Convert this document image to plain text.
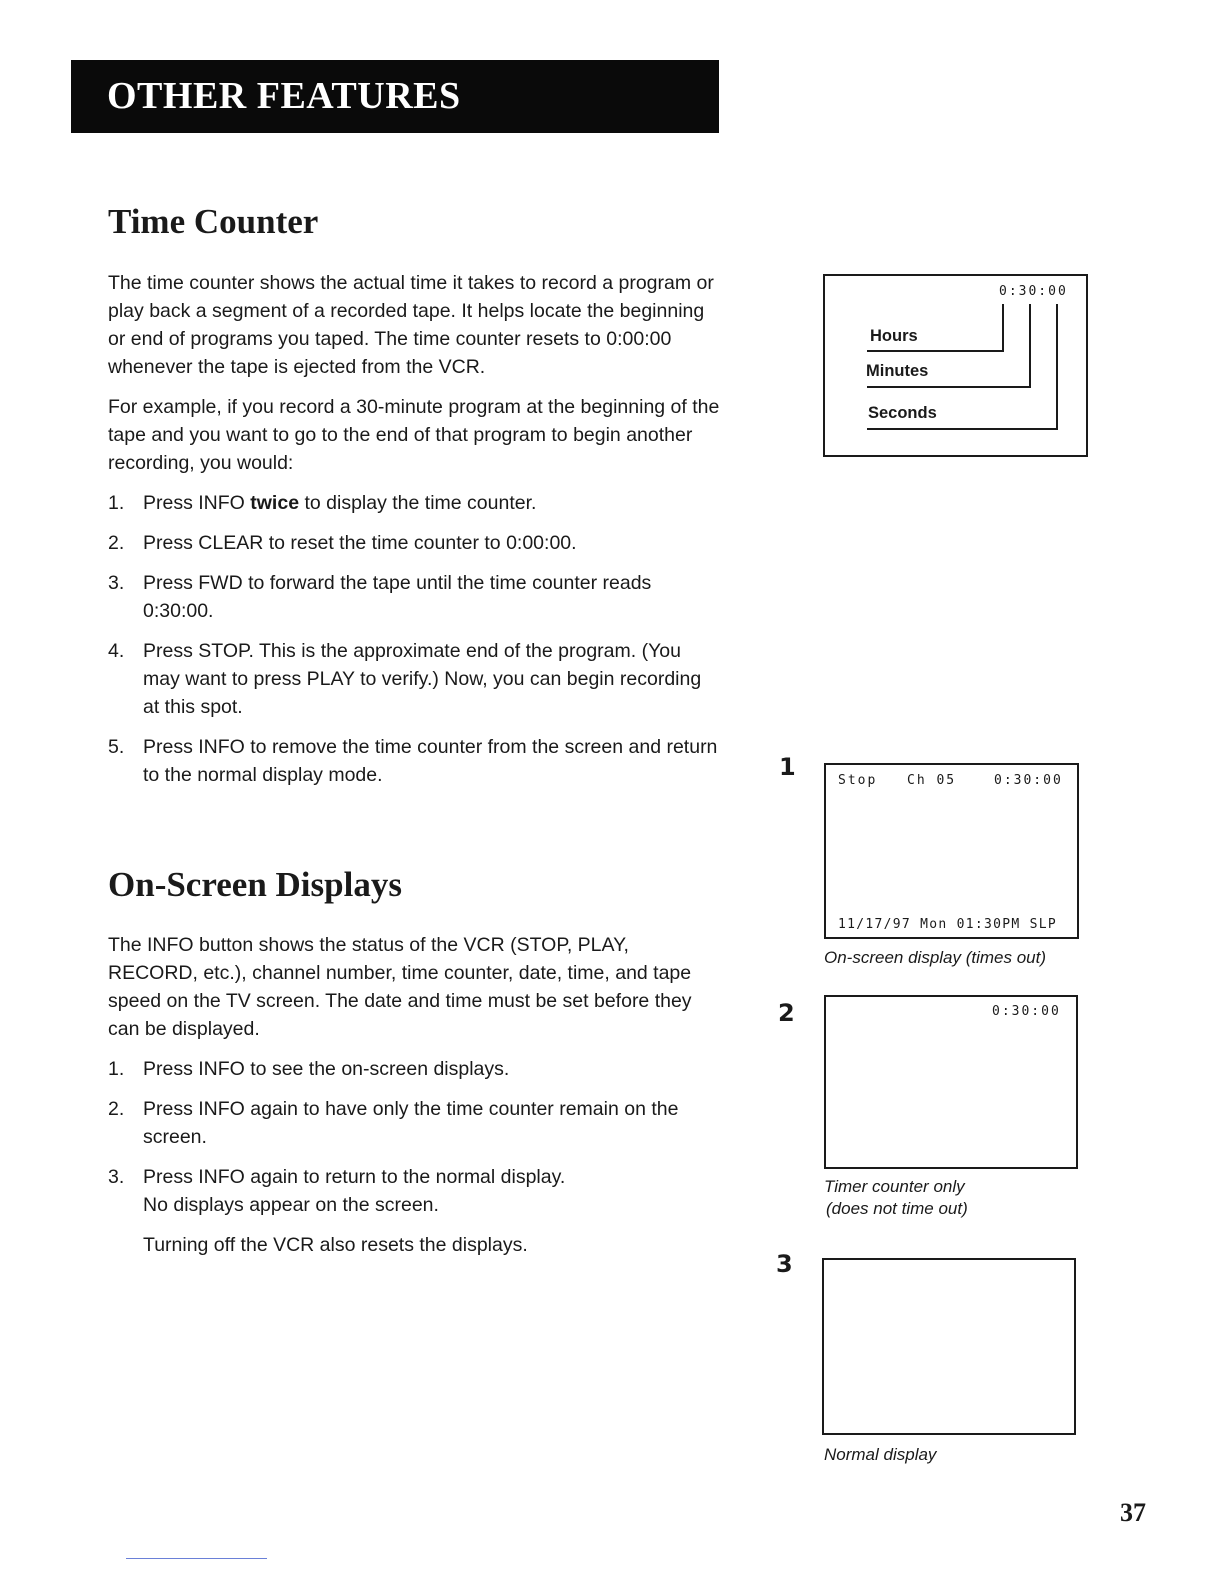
OTHER FEATURES
Time Counter

The time counter shows the actual time it takes to record a program or play back a segment of a recorded tape. It helps locate the beginning or end of programs you taped. The time counter resets to 0:00:00 whenever the tape is ejected from the VCR.

For example, if you record a 30-minute program at the beginning of the tape and you want to go to the end of that program to begin another recording, you would:

1. Press INFO twice to display the time counter.
2. Press CLEAR to reset the time counter to 0:00:00.
3. Press FWD to forward the tape until the time counter reads 0:30:00.
4. Press STOP. This is the approximate end of the program. (You may want to press PLAY to verify.) Now, you can begin recording at this spot.
5. Press INFO to remove the time counter from the screen and return to the normal display mode.
On-Screen Displays

The INFO button shows the status of the VCR (STOP, PLAY, RECORD, etc.), channel number, time counter, date, time, and tape speed on the TV screen. The date and time must be set before they can be displayed.

1. Press INFO to see the on-screen displays.
2. Press INFO again to have only the time counter remain on the screen.
3. Press INFO again to return to the normal display.
No displays appear on the screen.

Turning off the VCR also resets the displays.

0:30:00
Hours
Minutes
Seconds
1	Stop Ch 05	0:30:00
11/17/97 Mon 01:30PM SLP
On-screen display (times out)
2	0:30:00
Timer counter only
(does not time out)
3
Normal display
37
